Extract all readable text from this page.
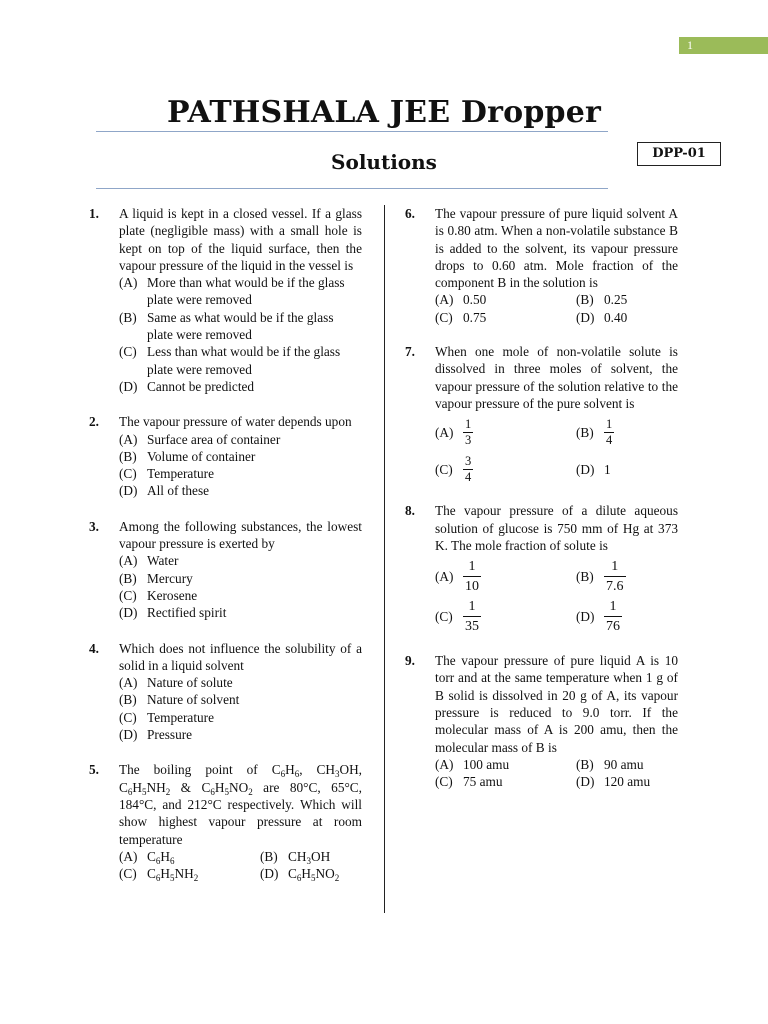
1
PATHSHALA JEE Dropper
Solutions	DPP-01
1. A liquid is kept in a closed vessel. If a glass plate (negligible mass) with a small hole is kept on top of the liquid surface, then the vapour pressure of the liquid in the vessel is
(A) More than what would be if the glass plate were removed
(B) Same as what would be if the glass plate were removed
(C) Less than what would be if the glass plate were removed
(D) Cannot be predicted
2. The vapour pressure of water depends upon
(A) Surface area of container
(B) Volume of container
(C) Temperature
(D) All of these
3. Among the following substances, the lowest vapour pressure is exerted by
(A) Water
(B) Mercury
(C) Kerosene
(D) Rectified spirit
4. Which does not influence the solubility of a solid in a liquid solvent
(A) Nature of solute
(B) Nature of solvent
(C) Temperature
(D) Pressure
5. The boiling point of $C_6H_6$, $CH_3OH$, $C_6H_5NH_2$ & $C_6H_5NO_2$ are 80°C, 65°C, 184°C, and 212°C respectively. Which will show highest vapour pressure at room temperature
(A) $C_6H_6$	(B) $CH_3OH$
(C) $C_6H_5NH_2$	(D) $C_6H_5NO_2$
6. The vapour pressure of pure liquid solvent A is 0.80 atm. When a non-volatile substance B is added to the solvent, its vapour pressure drops to 0.60 atm. Mole fraction of the component B in the solution is
(A) 0.50	(B) 0.25
(C) 0.75	(D) 0.40
7. When one mole of non-volatile solute is dissolved in three moles of solvent, the vapour pressure of the solution relative to the vapour pressure of the pure solvent is
$(A) \frac{1}{3}$	$(B) \frac{1}{4}$
$(C) \frac{3}{4}$	(D) 1
8. The vapour pressure of a dilute aqueous solution of glucose is 750 mm of Hg at 373 K. The mole fraction of solute is
$(A) \frac{1}{10}$	$(B) \frac{1}{7.6}$
$(C) \frac{1}{35}$	$(D) \frac{1}{76}$
9. The vapour pressure of pure liquid A is 10 torr and at the same temperature when 1 g of B solid is dissolved in 20 g of A, its vapour pressure is reduced to 9.0 torr. If the molecular mass of A is 200 amu, then the molecular mass of B is
(A) 100 amu	(B) 90 amu
(C) 75 amu	(D) 120 amu
